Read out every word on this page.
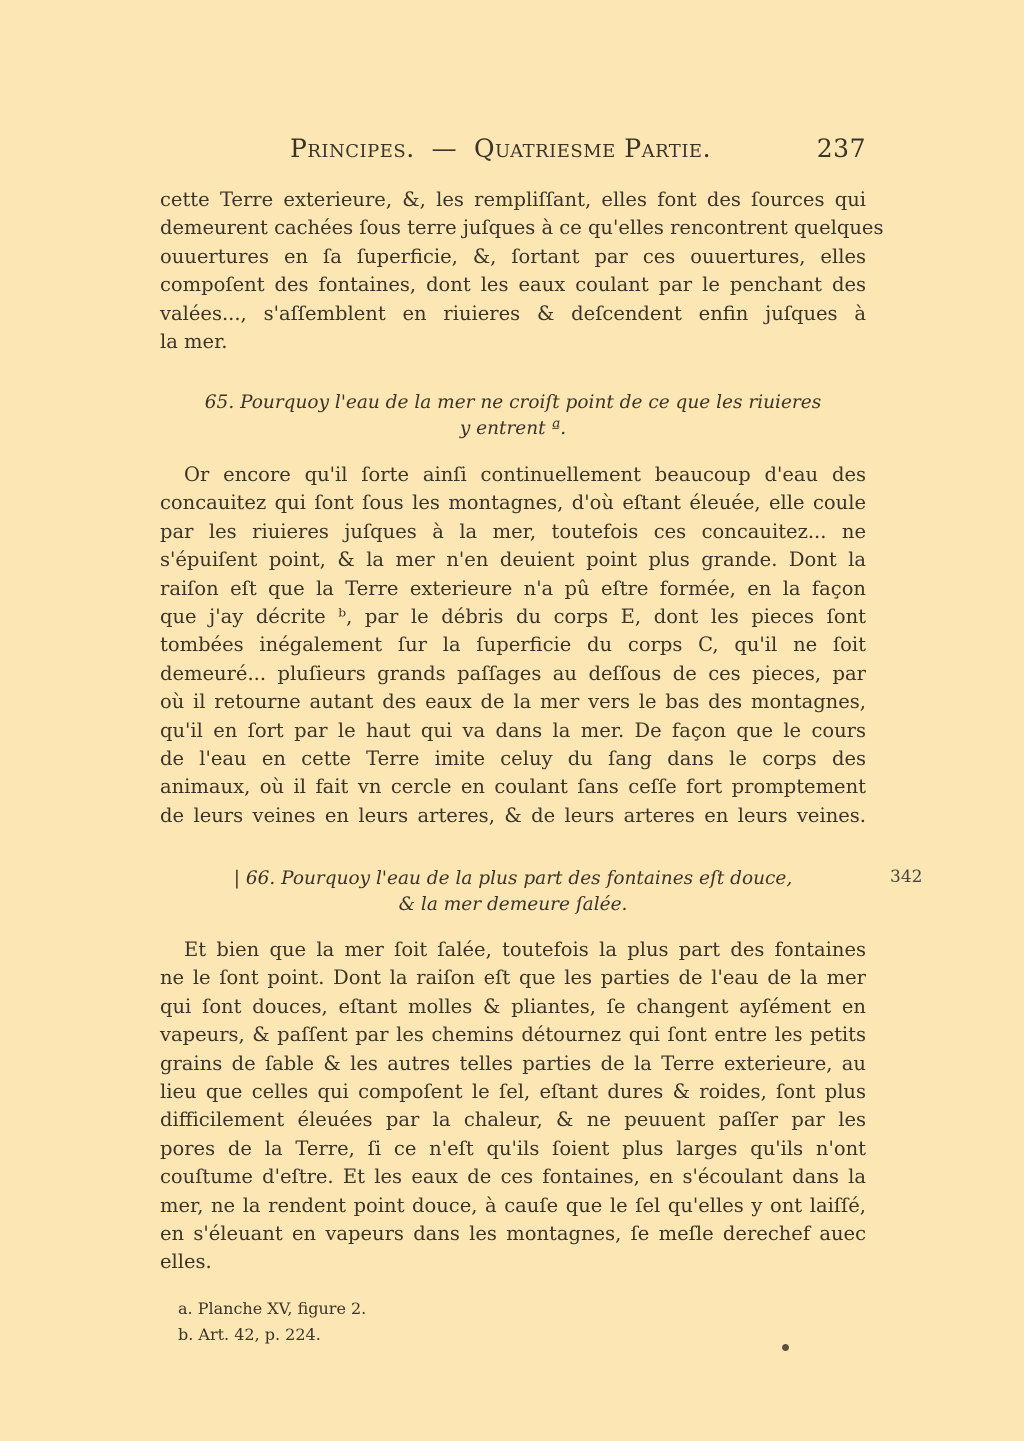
Principes. — Quatriesme Partie.	237
cette Terre exterieure, &, les rempliſſant, elles font des ſources qui
demeurent cachées ſous terre juſques à ce qu'elles rencontrent quelques
ouuertures en ſa ſuperficie, &, ſortant par ces ouuertures, elles
compoſent des fontaines, dont les eaux coulant par le penchant des
valées..., s'aſſemblent en riuieres & deſcendent enfin juſques à
la mer.
65. Pourquoy l'eau de la mer ne croiſt point de ce que les riuieres
y entrent ª.
Or encore qu'il ſorte ainſi continuellement beaucoup d'eau des
concauitez qui ſont ſous les montagnes, d'où eſtant éleuée, elle coule
par les riuieres juſques à la mer, toutefois ces concauitez... ne
s'épuiſent point, & la mer n'en deuient point plus grande. Dont la
raiſon eſt que la Terre exterieure n'a pû eſtre formée, en la façon
que j'ay décrite ᵇ, par le débris du corps E, dont les pieces ſont
tombées inégalement ſur la ſuperficie du corps C, qu'il ne ſoit
demeuré... pluſieurs grands paſſages au deſſous de ces pieces, par
où il retourne autant des eaux de la mer vers le bas des montagnes,
qu'il en ſort par le haut qui va dans la mer. De façon que le cours
de l'eau en cette Terre imite celuy du ſang dans le corps des
animaux, où il fait vn cercle en coulant ſans ceſſe fort promptement
de leurs veines en leurs arteres, & de leurs arteres en leurs veines.
| 66. Pourquoy l'eau de la plus part des fontaines eſt douce,
& la mer demeure ſalée.
342
Et bien que la mer ſoit ſalée, toutefois la plus part des fontaines
ne le ſont point. Dont la raiſon eſt que les parties de l'eau de la mer
qui ſont douces, eſtant molles & pliantes, ſe changent ayſément en
vapeurs, & paſſent par les chemins détournez qui ſont entre les petits
grains de ſable & les autres telles parties de la Terre exterieure, au
lieu que celles qui compoſent le ſel, eſtant dures & roides, ſont plus
difficilement éleuées par la chaleur, & ne peuuent paſſer par les
pores de la Terre, ſi ce n'eſt qu'ils ſoient plus larges qu'ils n'ont
couſtume d'eſtre. Et les eaux de ces fontaines, en s'écoulant dans la
mer, ne la rendent point douce, à cauſe que le ſel qu'elles y ont laiſſé,
en s'éleuant en vapeurs dans les montagnes, ſe meſle derechef auec
elles.
a. Planche XV, figure 2.
b. Art. 42, p. 224.
